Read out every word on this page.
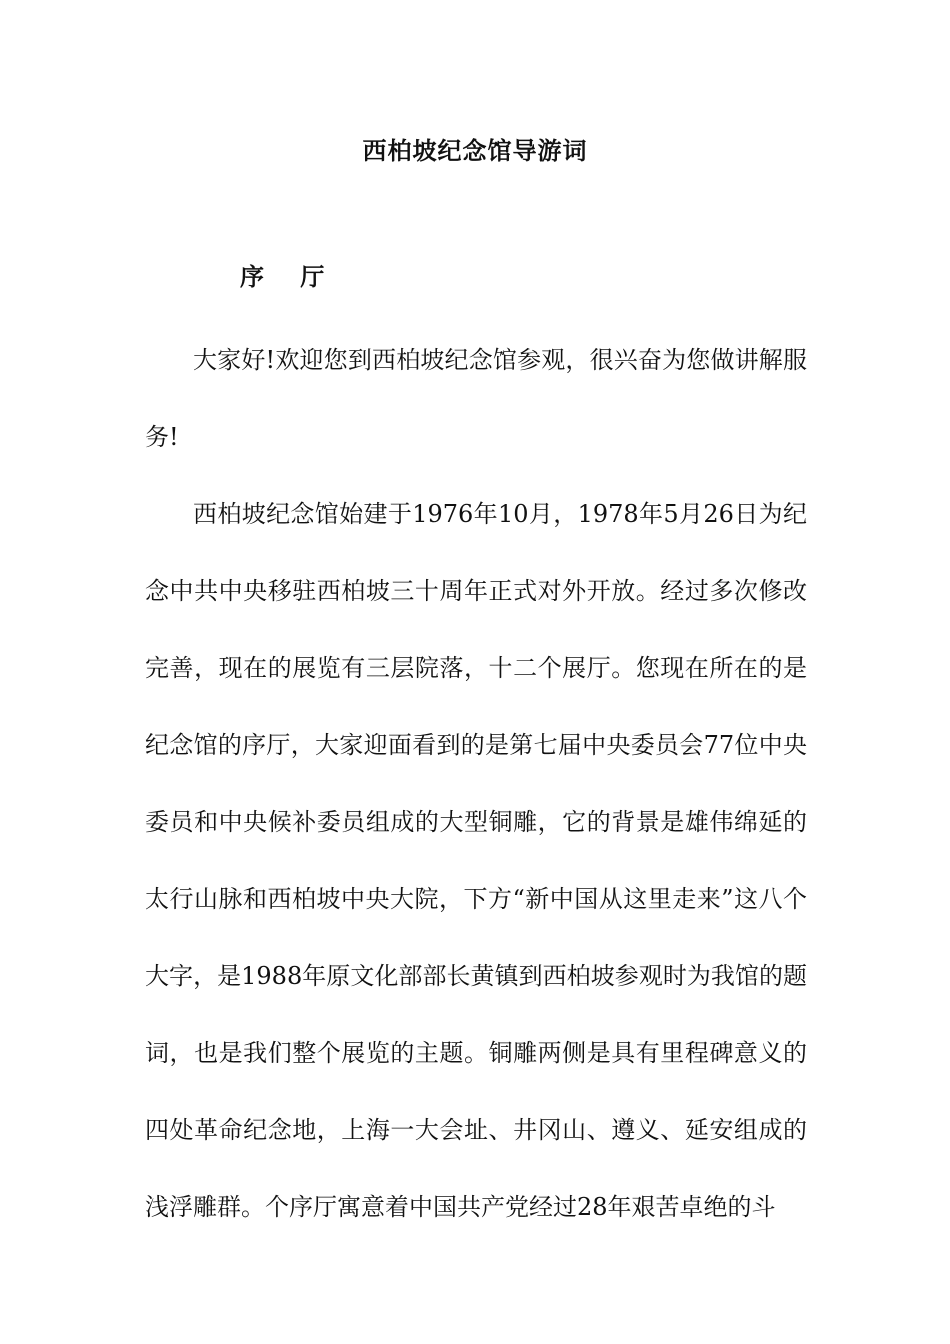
西柏坡纪念馆导游词
序 厅

大家好!欢迎您到西柏坡纪念馆参观，很兴奋为您做讲解服务!

西柏坡纪念馆始建于1976年10月，1978年5月26日为纪念中共中央移驻西柏坡三十周年正式对外开放。经过多次修改完善，现在的展览有三层院落，十二个展厅。您现在所在的是纪念馆的序厅，大家迎面看到的是第七届中央委员会77位中央委员和中央候补委员组成的大型铜雕，它的背景是雄伟绵延的太行山脉和西柏坡中央大院，下方“新中国从这里走来”这八个大字，是1988年原文化部部长黄镇到西柏坡参观时为我馆的题词，也是我们整个展览的主题。铜雕两侧是具有里程碑意义的四处革命纪念地，上海一大会址、井冈山、遵义、延安组成的浅浮雕群。个序厅寓意着中国共产党经过28年艰苦卓绝的斗
